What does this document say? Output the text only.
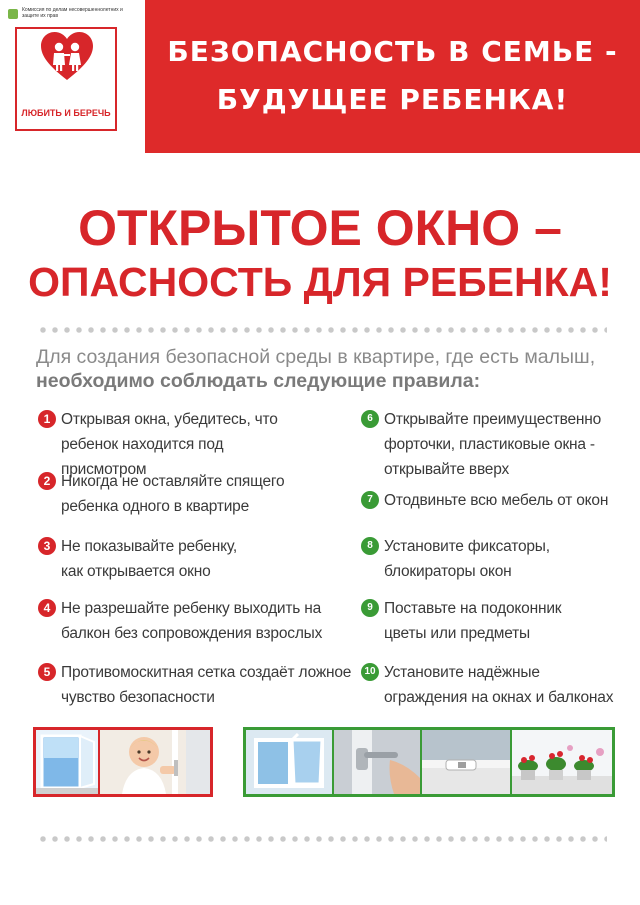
Комиссия по делам несовершеннолетних и защите их прав
ЛЮБИТЬ И БЕРЕЧЬ
БЕЗОПАСНОСТЬ В СЕМЬЕ -
БУДУЩЕЕ РЕБЕНКА!
ОТКРЫТОЕ ОКНО –
ОПАСНОСТЬ ДЛЯ РЕБЕНКА!
Для создания безопасной среды в квартире, где есть малыш,
необходимо соблюдать следующие правила:
1 Открывая окна, убедитесь, что ребенок находится под присмотром
2 Никогда не оставляйте спящего ребенка одного в квартире
3 Не показывайте ребенку, как открывается окно
4 Не разрешайте ребенку выходить на балкон без сопровождения взрослых
5 Противомоскитная сетка создаёт ложное чувство безопасности
6 Открывайте преимущественно форточки, пластиковые окна - открывайте вверх
7 Отодвиньте всю мебель от окон
8 Установите фиксаторы, блокираторы окон
9 Поставьте на подоконник цветы или предметы
10 Установите надёжные ограждения на окнах и балконах
